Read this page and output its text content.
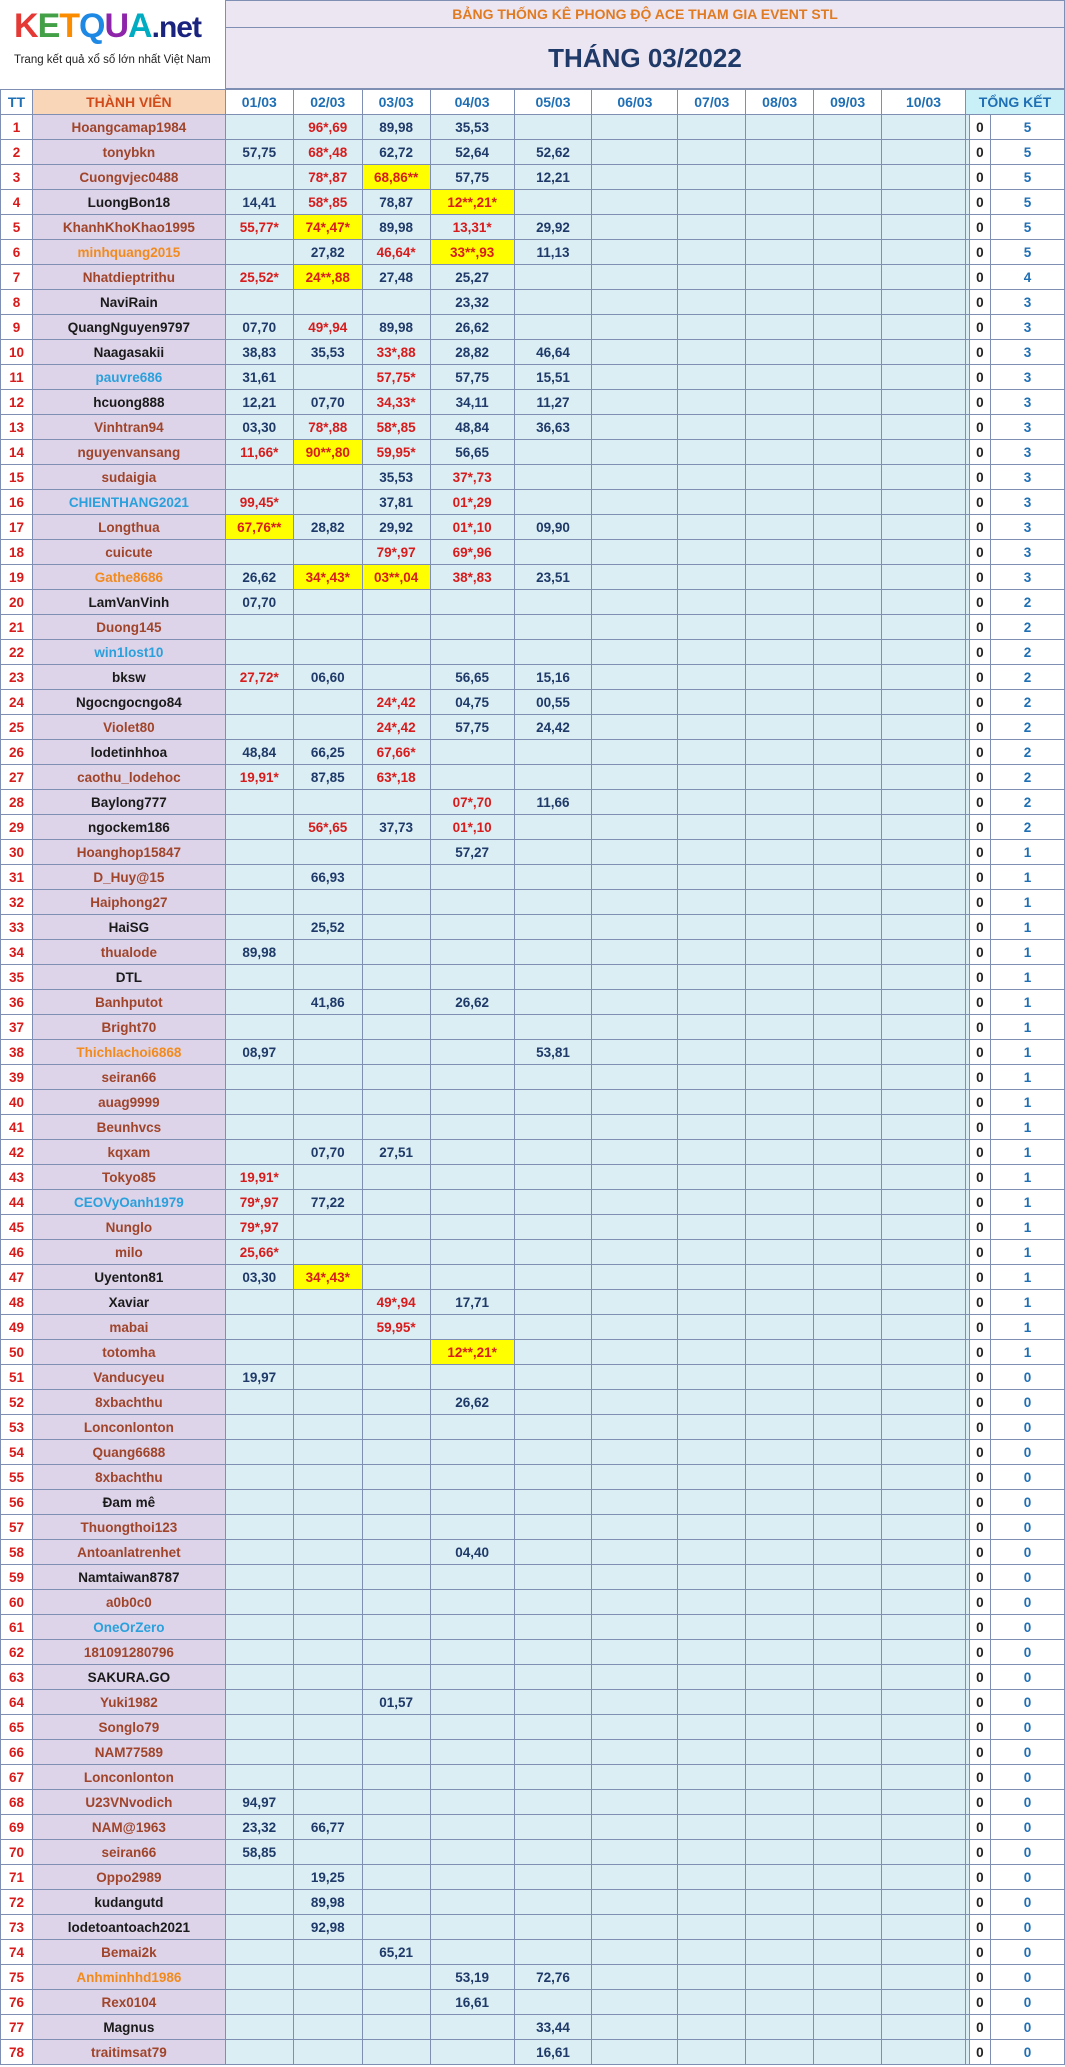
KETQUA.net
Trang kết quả xổ số lớn nhất Việt Nam
BẢNG THỐNG KÊ PHONG ĐỘ ACE THAM GIA EVENT STL
THÁNG 03/2022
TT	THÀNH VIÊN	01/03	02/03	03/03	04/03	05/03	06/03	07/03	08/03	09/03	10/03	TỔNG KẾT		
1	Hoangcamap1984		96*,69	89,98	35,53								0	5
2	tonybkn	57,75	68*,48	62,72	52,64	52,62							0	5
3	Cuongvjec0488		78*,87	68,86**	57,75	12,21							0	5
4	LuongBon18	14,41	58*,85	78,87	12**,21*								0	5
5	KhanhKhoKhao1995	55,77*	74*,47*	89,98	13,31*	29,92							0	5
6	minhquang2015		27,82	46,64*	33**,93	11,13							0	5
7	Nhatdieptrithu	25,52*	24**,88	27,48	25,27								0	4
8	NaviRain				23,32								0	3
9	QuangNguyen9797	07,70	49*,94	89,98	26,62								0	3
10	Naagasakii	38,83	35,53	33*,88	28,82	46,64							0	3
11	pauvre686	31,61		57,75*	57,75	15,51							0	3
12	hcuong888	12,21	07,70	34,33*	34,11	11,27							0	3
13	Vinhtran94	03,30	78*,88	58*,85	48,84	36,63							0	3
14	nguyenvansang	11,66*	90**,80	59,95*	56,65								0	3
15	sudaigia			35,53	37*,73								0	3
16	CHIENTHANG2021	99,45*		37,81	01*,29								0	3
17	Longthua	67,76**	28,82	29,92	01*,10	09,90							0	3
18	cuicute			79*,97	69*,96								0	3
19	Gathe8686	26,62	34*,43*	03**,04	38*,83	23,51							0	3
20	LamVanVinh	07,70											0	2
21	Duong145												0	2
22	win1lost10												0	2
23	bksw	27,72*	06,60		56,65	15,16							0	2
24	Ngocngocngo84			24*,42	04,75	00,55							0	2
25	Violet80			24*,42	57,75	24,42							0	2
26	lodetinhhoa	48,84	66,25	67,66*									0	2
27	caothu_lodehoc	19,91*	87,85	63*,18									0	2
28	Baylong777				07*,70	11,66							0	2
29	ngockem186		56*,65	37,73	01*,10								0	2
30	Hoanghop15847				57,27								0	1
31	D_Huy@15		66,93										0	1
32	Haiphong27												0	1
33	HaiSG		25,52										0	1
34	thualode	89,98											0	1
35	DTL												0	1
36	Banhputot		41,86		26,62								0	1
37	Bright70												0	1
38	Thichlachoi6868	08,97				53,81							0	1
39	seiran66												0	1
40	auag9999												0	1
41	Beunhvcs												0	1
42	kqxam		07,70	27,51									0	1
43	Tokyo85	19,91*											0	1
44	CEOVyOanh1979	79*,97	77,22										0	1
45	Nunglo	79*,97											0	1
46	milo	25,66*											0	1
47	Uyenton81	03,30	34*,43*										0	1
48	Xaviar			49*,94	17,71								0	1
49	mabai			59,95*									0	1
50	totomha				12**,21*								0	1
51	Vanducyeu	19,97											0	0
52	8xbachthu				26,62								0	0
53	Lonconlonton												0	0
54	Quang6688												0	0
55	8xbachthu												0	0
56	Đam mê												0	0
57	Thuongthoi123												0	0
58	Antoanlatrenhet				04,40								0	0
59	Namtaiwan8787												0	0
60	a0b0c0												0	0
61	OneOrZero												0	0
62	181091280796												0	0
63	SAKURA.GO												0	0
64	Yuki1982			01,57									0	0
65	Songlo79												0	0
66	NAM77589												0	0
67	Lonconlonton												0	0
68	U23VNvodich	94,97											0	0
69	NAM@1963	23,32	66,77										0	0
70	seiran66	58,85											0	0
71	Oppo2989		19,25										0	0
72	kudangutd		89,98										0	0
73	lodetoantoach2021		92,98										0	0
74	Bemai2k			65,21									0	0
75	Anhminhhd1986				53,19	72,76							0	0
76	Rex0104				16,61								0	0
77	Magnus					33,44							0	0
78	traitimsat79					16,61							0	0
